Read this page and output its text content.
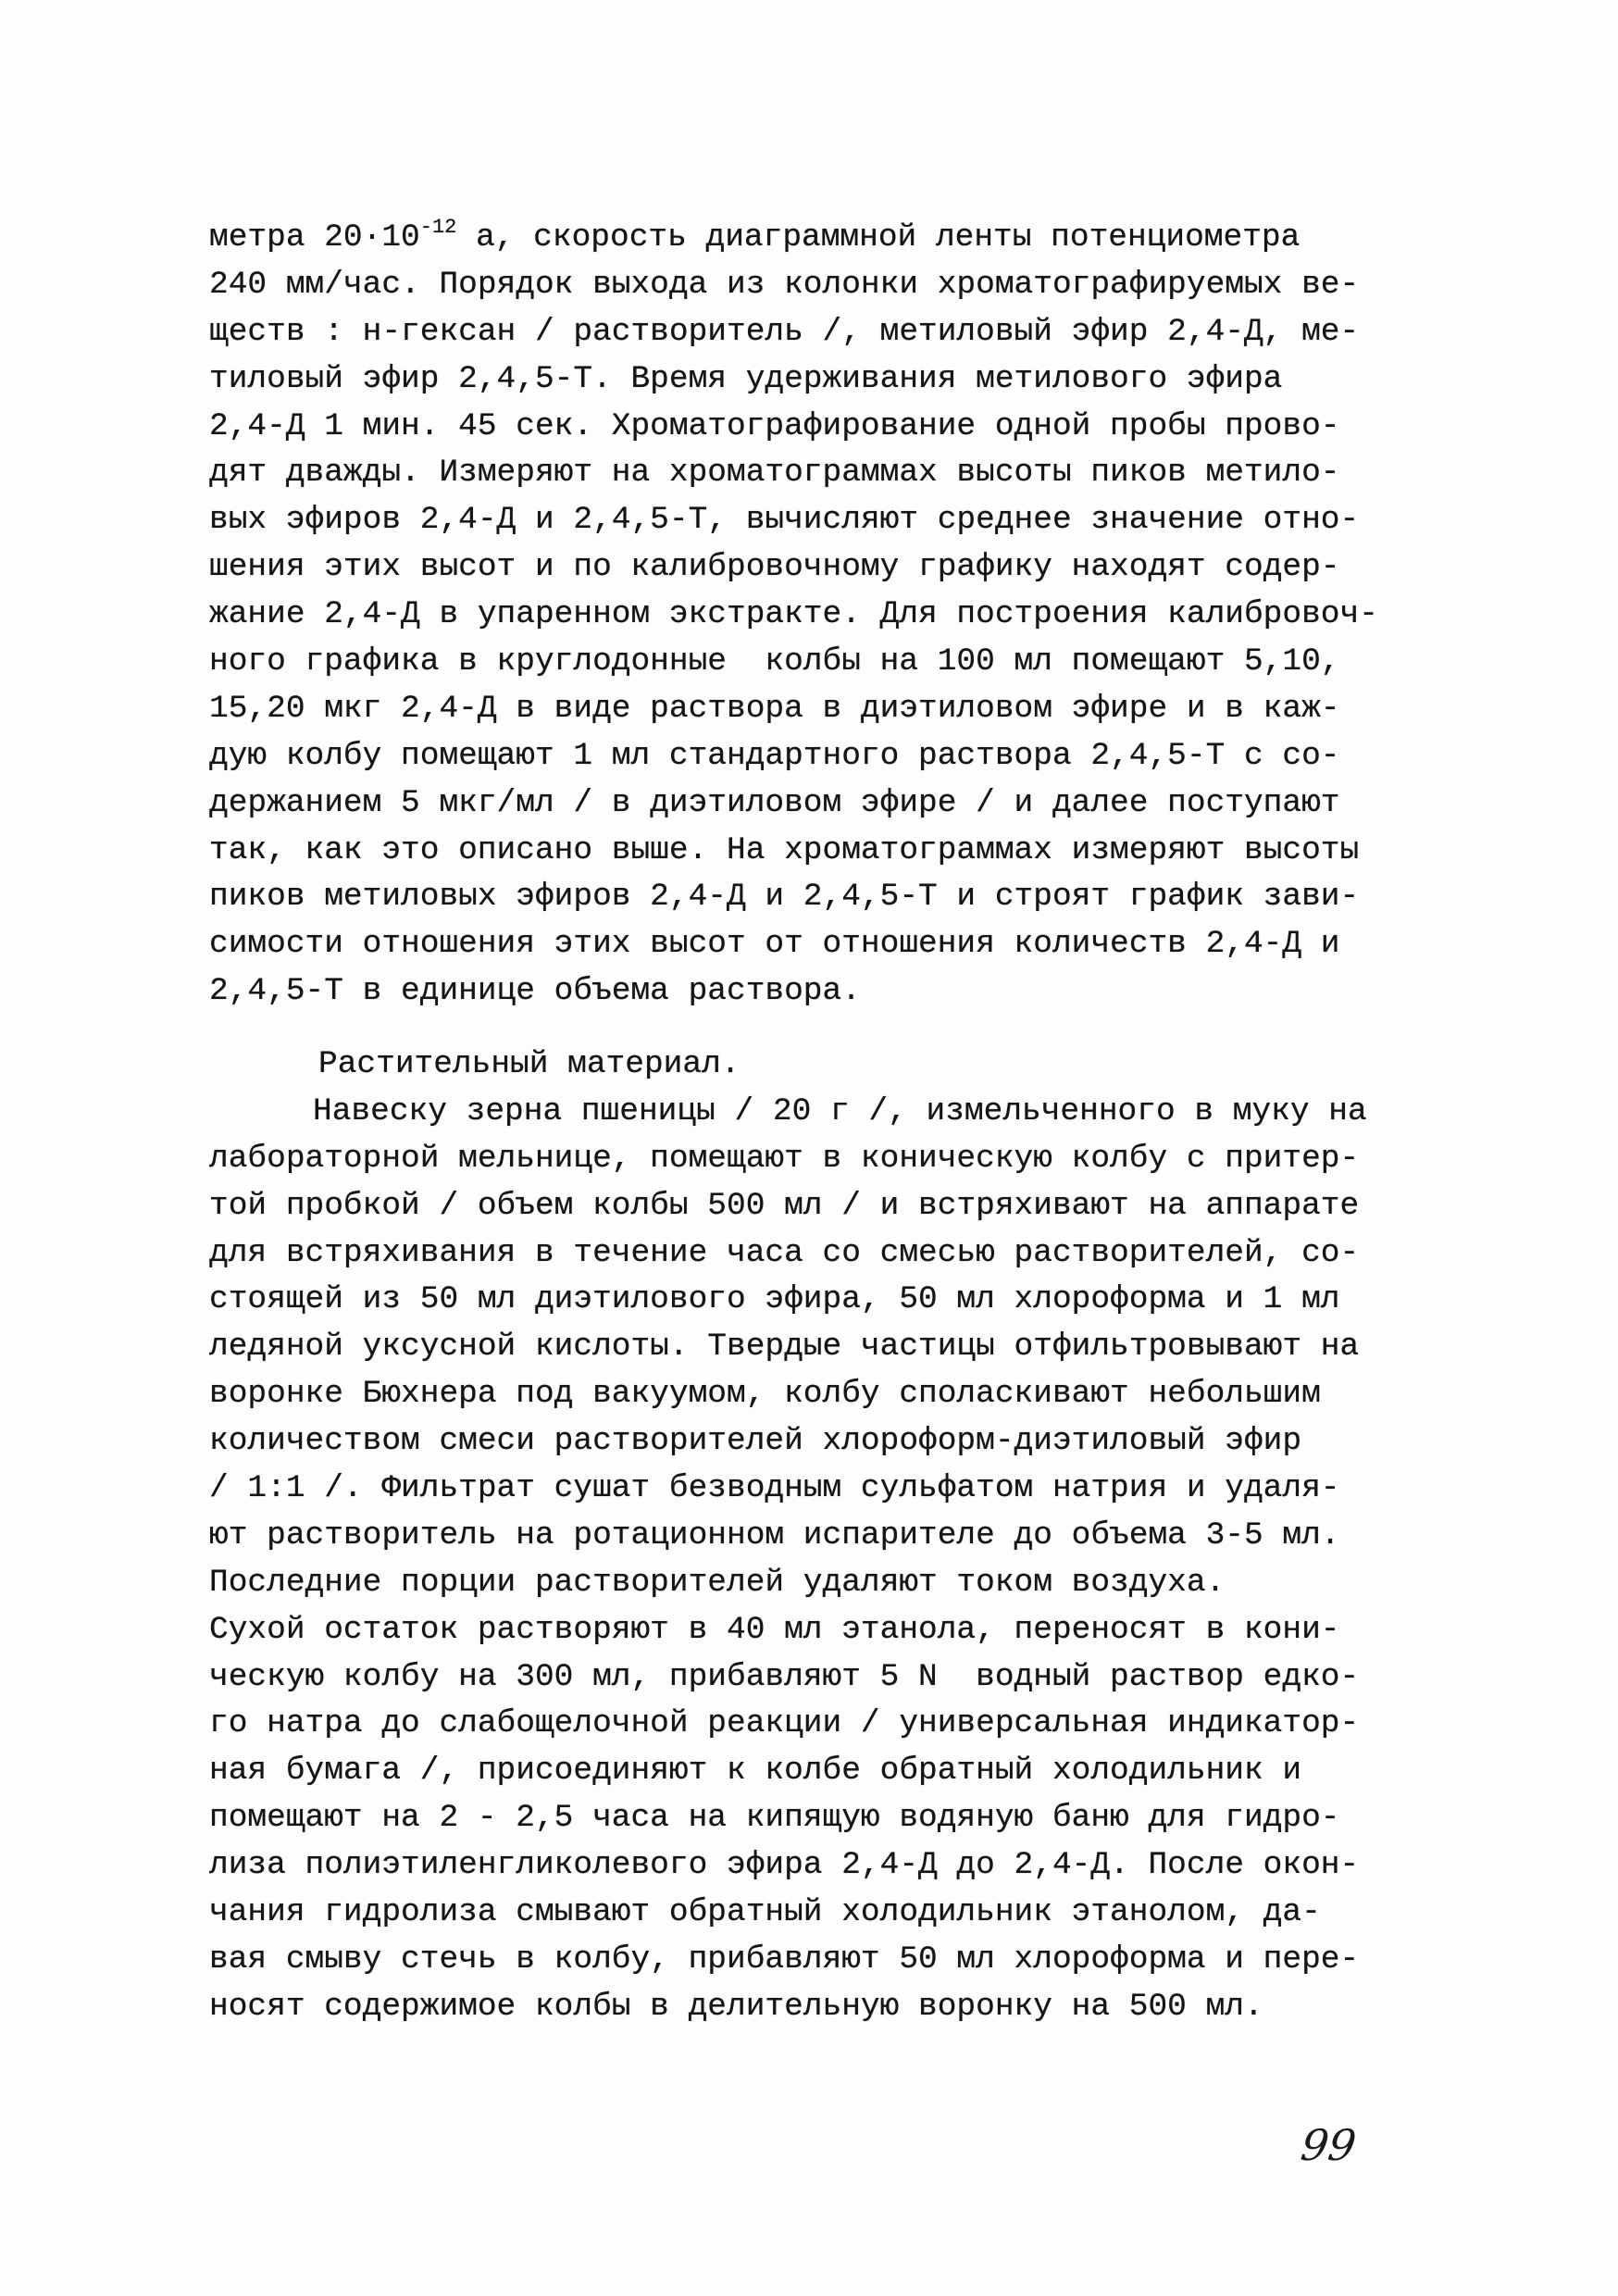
метра $20\cdot 10^{-12}$ а, скорость диаграммной ленты потенциометра
240 мм/час. Порядок выхода из колонки хроматографируемых ве-
ществ : н-гексан / растворитель /, метиловый эфир 2,4-Д, ме-
тиловый эфир 2,4,5-Т. Время удерживания метилового эфира
2,4-Д 1 мин. 45 сек. Хроматографирование одной пробы прово-
дят дважды. Измеряют на хроматограммах высоты пиков метило-
вых эфиров 2,4-Д и 2,4,5-Т, вычисляют среднее значение отно-
шения этих высот и по калибровочному графику находят содер-
жание 2,4-Д в упаренном экстракте. Для построения калибровоч-
ного графика в круглодонные  колбы на 100 мл помещают 5,10,
15,20 мкг 2,4-Д в виде раствора в диэтиловом эфире и в каж-
дую колбу помещают 1 мл стандартного раствора 2,4,5-Т с со-
держанием 5 мкг/мл / в диэтиловом эфире / и далее поступают
так, как это описано выше. На хроматограммах измеряют высоты
пиков метиловых эфиров 2,4-Д и 2,4,5-Т и строят график зави-
симости отношения этих высот от отношения количеств 2,4-Д и
2,4,5-Т в единице объема раствора.
Растительный материал.
Навеску зерна пшеницы / 20 г /, измельченного в муку на
лабораторной мельнице, помещают в коническую колбу с притер-
той пробкой / объем колбы 500 мл / и встряхивают на аппарате
для встряхивания в течение часа со смесью растворителей, со-
стоящей из 50 мл диэтилового эфира, 50 мл хлороформа и 1 мл
ледяной уксусной кислоты. Твердые частицы отфильтровывают на
воронке Бюхнера под вакуумом, колбу споласкивают небольшим
количеством смеси растворителей хлороформ-диэтиловый эфир
/ 1:1 /. Фильтрат сушат безводным сульфатом натрия и удаля-
ют растворитель на ротационном испарителе до объема 3-5 мл.
Последние порции растворителей удаляют током воздуха.
Сухой остаток растворяют в 40 мл этанола, переносят в кони-
ческую колбу на 300 мл, прибавляют 5 N  водный раствор едко-
го натра до слабощелочной реакции / универсальная индикатор-
ная бумага /, присоединяют к колбе обратный холодильник и
помещают на 2 - 2,5 часа на кипящую водяную баню для гидро-
лиза полиэтиленгликолевого эфира 2,4-Д до 2,4-Д. После окон-
чания гидролиза смывают обратный холодильник этанолом, да-
вая смыву стечь в колбу, прибавляют 50 мл хлороформа и пере-
носят содержимое колбы в делительную воронку на 500 мл.
99
